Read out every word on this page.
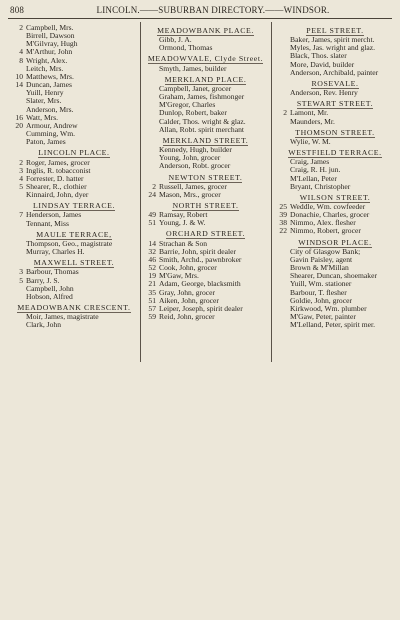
808	LINCOLN.——SUBURBAN DIRECTORY.——WINDSOR.
2 Campbell, Mrs.
Birrell, Dawson
M'Gilvray, Hugh
4 M'Arthur, John
8 Wright, Alex.
Leitch, Mrs.
10 Matthews, Mrs.
14 Duncan, James
Yuill, Henry
Slater, Mrs.
Anderson, Mrs.
16 Watt, Mrs.
20 Armour, Andrew
Cumming, Wm.
Paton, James
LINCOLN PLACE.
2 Roger, James, grocer
3 Inglis, R. tobacconist
4 Forrester, D. hatter
5 Shearer, R., clothier
Kinnaird, John, dyer
LINDSAY TERRACE.
7 Henderson, James
Tennant, Miss
MAULE TERRACE,
Thompson, Geo., magistrate
Murray, Charles H.
MAXWELL STREET.
3 Barbour, Thomas
5 Barry, J. S.
Campbell, John
Hobson, Alfred
MEADOWBANK CRESCENT.
Moir, James, magistrate
Clark, John
MEADOWBANK PLACE.
Gibb, J. A.
Ormond, Thomas
MEADOWVALE, Clyde Street.
Smyth, James, builder
MERKLAND PLACE.
Campbell, Janet, grocer
Graham, James, fishmonger
M'Gregor, Charles
Dunlop, Robert, baker
Calder, Thos. wright & glaz.
Allan, Robt. spirit merchant
MERKLAND STREET.
Kennedy, Hugh, builder
Young, John, grocer
Anderson, Robt. grocer
NEWTON STREET.
2 Russell, James, grocer
24 Mason, Mrs., grocer
NORTH STREET.
49 Ramsay, Robert
51 Young, J. & W.
ORCHARD STREET.
14 Strachan & Son
32 Barrie, John, spirit dealer
46 Smith, Archd., pawnbroker
52 Cook, John, grocer
19 M'Gaw, Mrs.
21 Adam, George, blacksmith
35 Gray, John, grocer
51 Aiken, John, grocer
57 Leiper, Joseph, spirit dealer
59 Reid, John, grocer
PEEL STREET.
Baker, James, spirit mercht.
Myles, Jas. wright and glaz.
Black, Thos. slater
More, David, builder
Anderson, Archibald, painter
ROSEVALE.
Anderson, Rev. Henry
STEWART STREET.
2 Lamont, Mr.
Maunders, Mr.
THOMSON STREET.
Wylie, W. M.
WESTFIELD TERRACE.
Craig, James
Craig, R. H. jun.
M'Lellan, Peter
Bryant, Christopher
WILSON STREET.
25 Weddle, Wm. cowfeeder
39 Donachie, Charles, grocer
38 Nimmo, Alex. flesher
22 Nimmo, Robert, grocer
WINDSOR PLACE.
City of Glasgow Bank;
Gavin Paisley, agent
Brown & M'Millan
Shearer, Duncan, shoemaker
Yuill, Wm. stationer
Barbour, T. flesher
Goldie, John, grocer
Kirkwood, Wm. plumber
M'Gaw, Peter, painter
M'Lelland, Peter, spirit mer.
